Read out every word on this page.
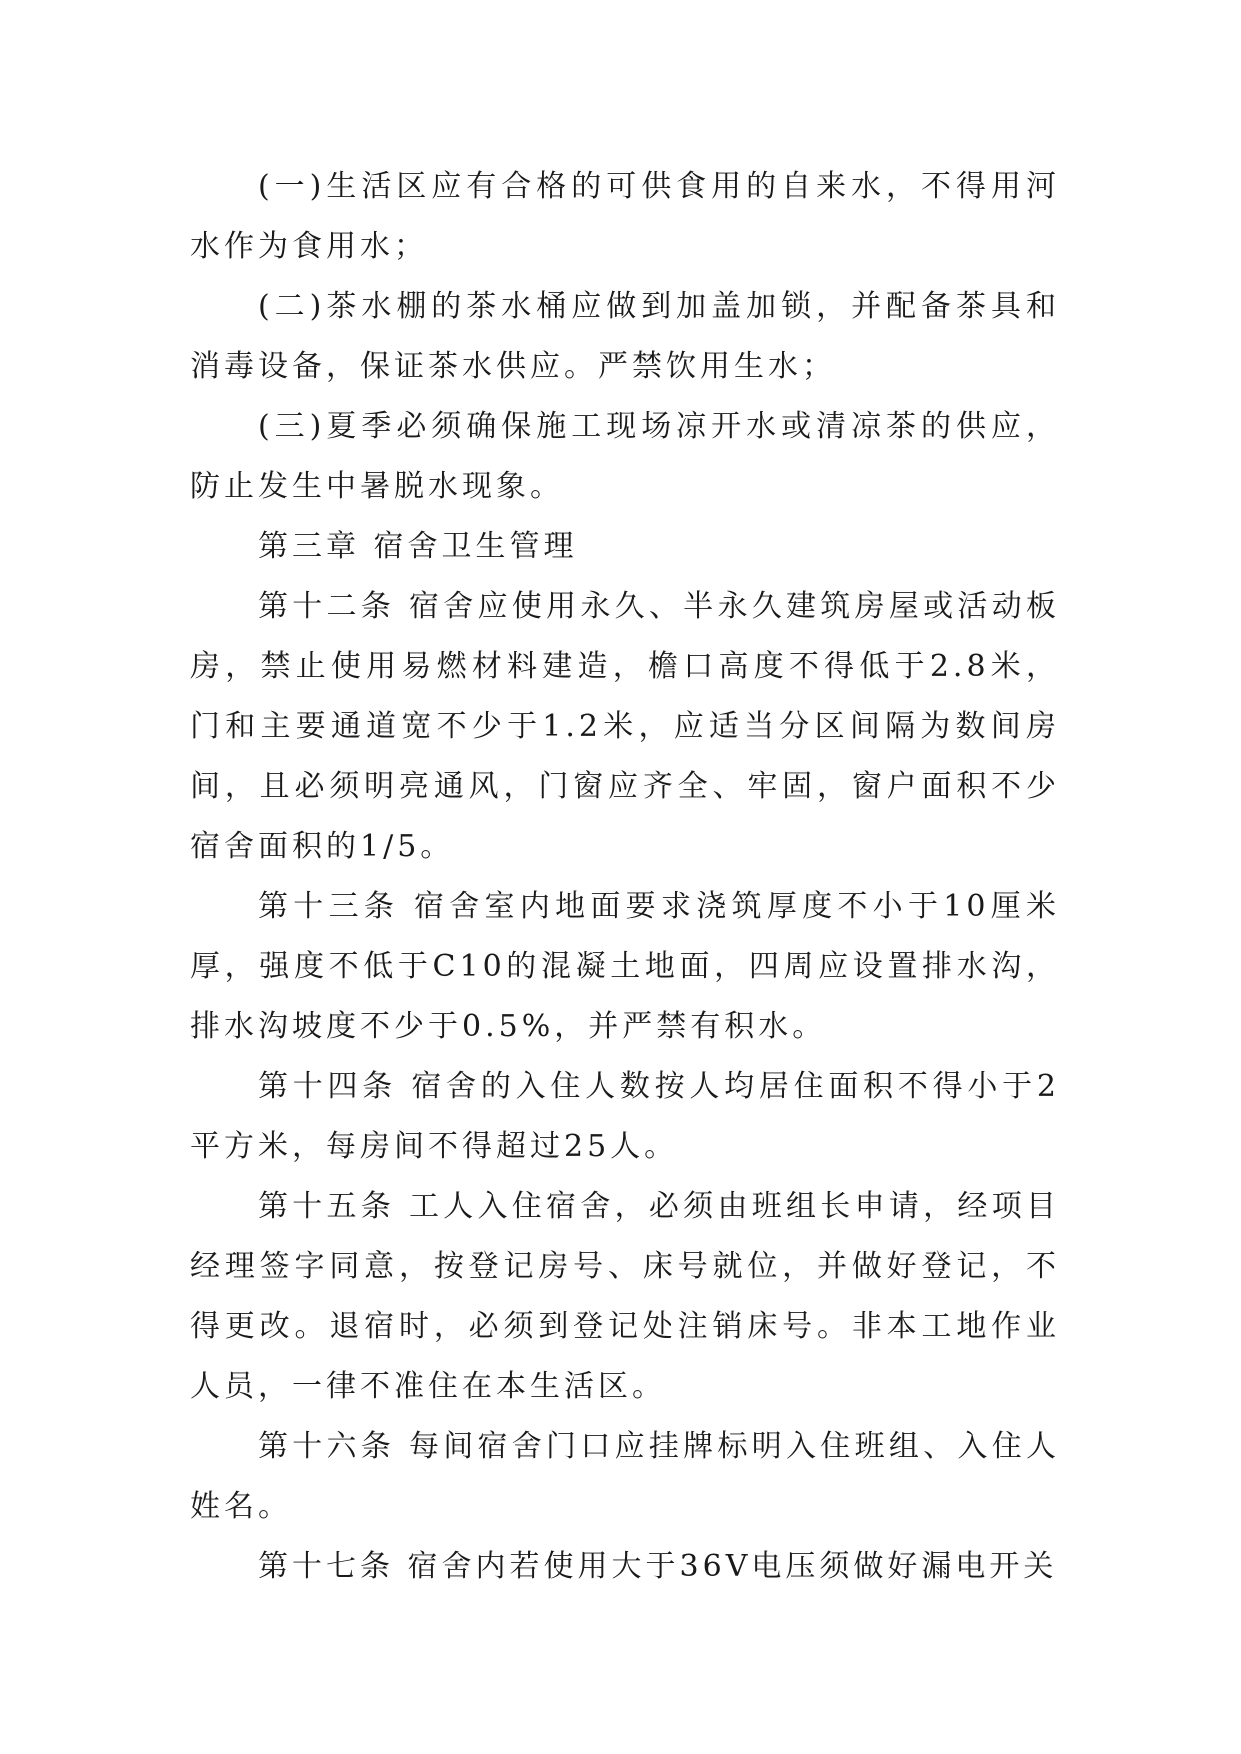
(一)生活区应有合格的可供食用的自来水，不得用河水作为食用水；

(二)茶水棚的茶水桶应做到加盖加锁，并配备茶具和消毒设备，保证茶水供应。严禁饮用生水；

(三)夏季必须确保施工现场凉开水或清凉茶的供应，防止发生中暑脱水现象。

第三章 宿舍卫生管理

第十二条 宿舍应使用永久、半永久建筑房屋或活动板房，禁止使用易燃材料建造，檐口高度不得低于2.8米，门和主要通道宽不少于1.2米，应适当分区间隔为数间房间，且必须明亮通风，门窗应齐全、牢固，窗户面积不少宿舍面积的1/5。

第十三条 宿舍室内地面要求浇筑厚度不小于10厘米厚，强度不低于C10的混凝土地面，四周应设置排水沟，排水沟坡度不少于0.5%，并严禁有积水。

第十四条 宿舍的入住人数按人均居住面积不得小于2平方米，每房间不得超过25人。

第十五条 工人入住宿舍，必须由班组长申请，经项目经理签字同意，按登记房号、床号就位，并做好登记，不得更改。退宿时，必须到登记处注销床号。非本工地作业人员，一律不准住在本生活区。

第十六条 每间宿舍门口应挂牌标明入住班组、入住人姓名。

第十七条 宿舍内若使用大于36V电压须做好漏电开关
